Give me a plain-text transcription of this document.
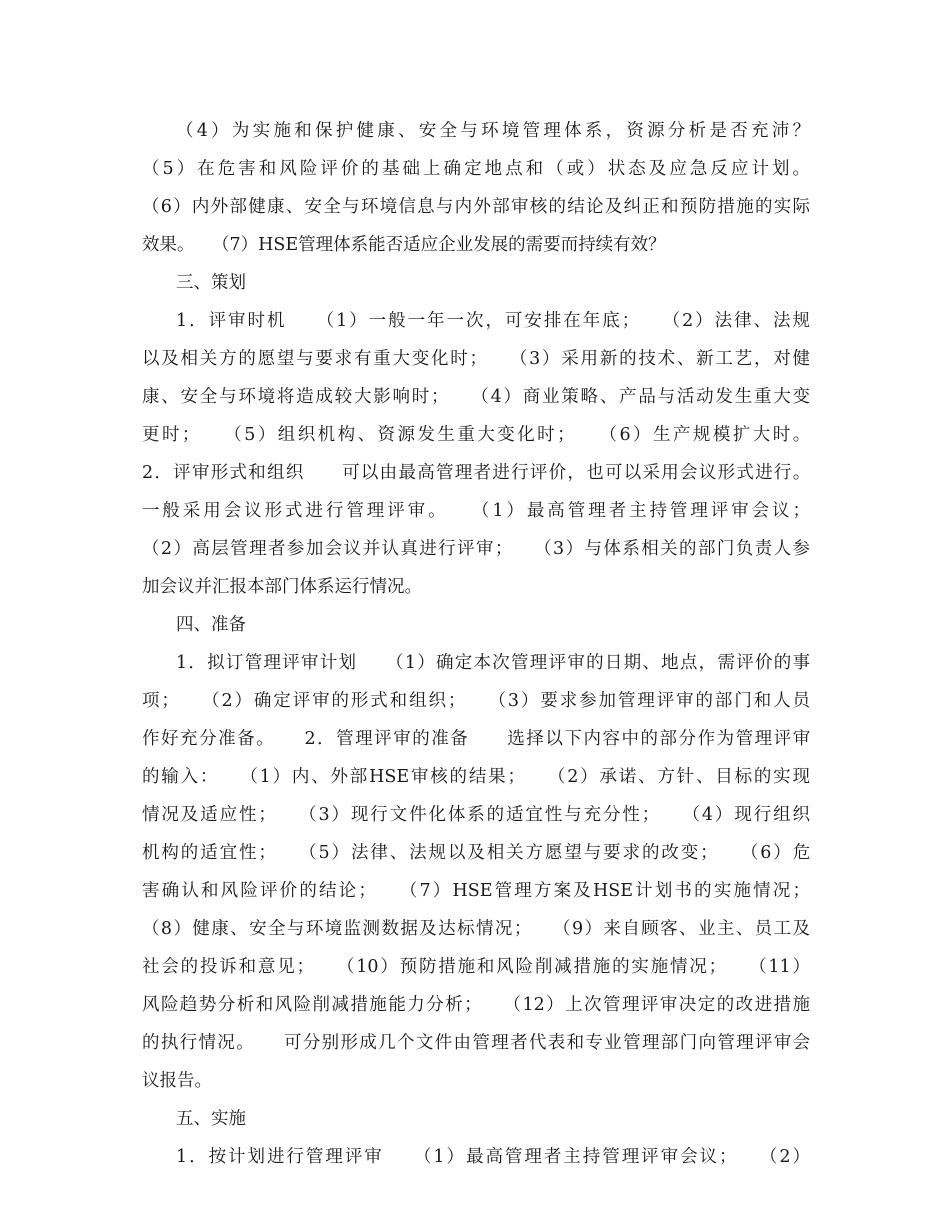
（4）为实施和保护健康、安全与环境管理体系，资源分析是否充沛？

（5）在危害和风险评价的基础上确定地点和（或）状态及应急反应计划。

（6）内外部健康、安全与环境信息与内外部审核的结论及纠正和预防措施的实际

效果。　　（7）HSE管理体系能否适应企业发展的需要而持续有效？

三、策划

1．评审时机　　（1）一般一年一次，可安排在年底；　　（2）法律、法规

以及相关方的愿望与要求有重大变化时；　　（3）采用新的技术、新工艺，对健

康、安全与环境将造成较大影响时；　　（4）商业策略、产品与活动发生重大变

更时；　　（5）组织机构、资源发生重大变化时；　　（6）生产规模扩大时。

2．评审形式和组织　　可以由最高管理者进行评价，也可以采用会议形式进行。

一般采用会议形式进行管理评审。　　（1）最高管理者主持管理评审会议；

（2）高层管理者参加会议并认真进行评审；　　（3）与体系相关的部门负责人参

加会议并汇报本部门体系运行情况。

四、准备

1．拟订管理评审计划　　（1）确定本次管理评审的日期、地点，需评价的事

项；　　（2）确定评审的形式和组织；　　（3）要求参加管理评审的部门和人员

作好充分准备。　　2．管理评审的准备　　选择以下内容中的部分作为管理评审

的输入：　　（1）内、外部HSE审核的结果；　　（2）承诺、方针、目标的实现

情况及适应性；　　（3）现行文件化体系的适宜性与充分性；　　（4）现行组织

机构的适宜性；　　（5）法律、法规以及相关方愿望与要求的改变；　　（6）危

害确认和风险评价的结论；　　（7）HSE管理方案及HSE计划书的实施情况；

（8）健康、安全与环境监测数据及达标情况；　　（9）来自顾客、业主、员工及

社会的投诉和意见；　　（10）预防措施和风险削减措施的实施情况；　　（11）

风险趋势分析和风险削减措施能力分析；　　（12）上次管理评审决定的改进措施

的执行情况。　　可分别形成几个文件由管理者代表和专业管理部门向管理评审会

议报告。

五、实施

1．按计划进行管理评审　　（1）最高管理者主持管理评审会议；　　（2）
